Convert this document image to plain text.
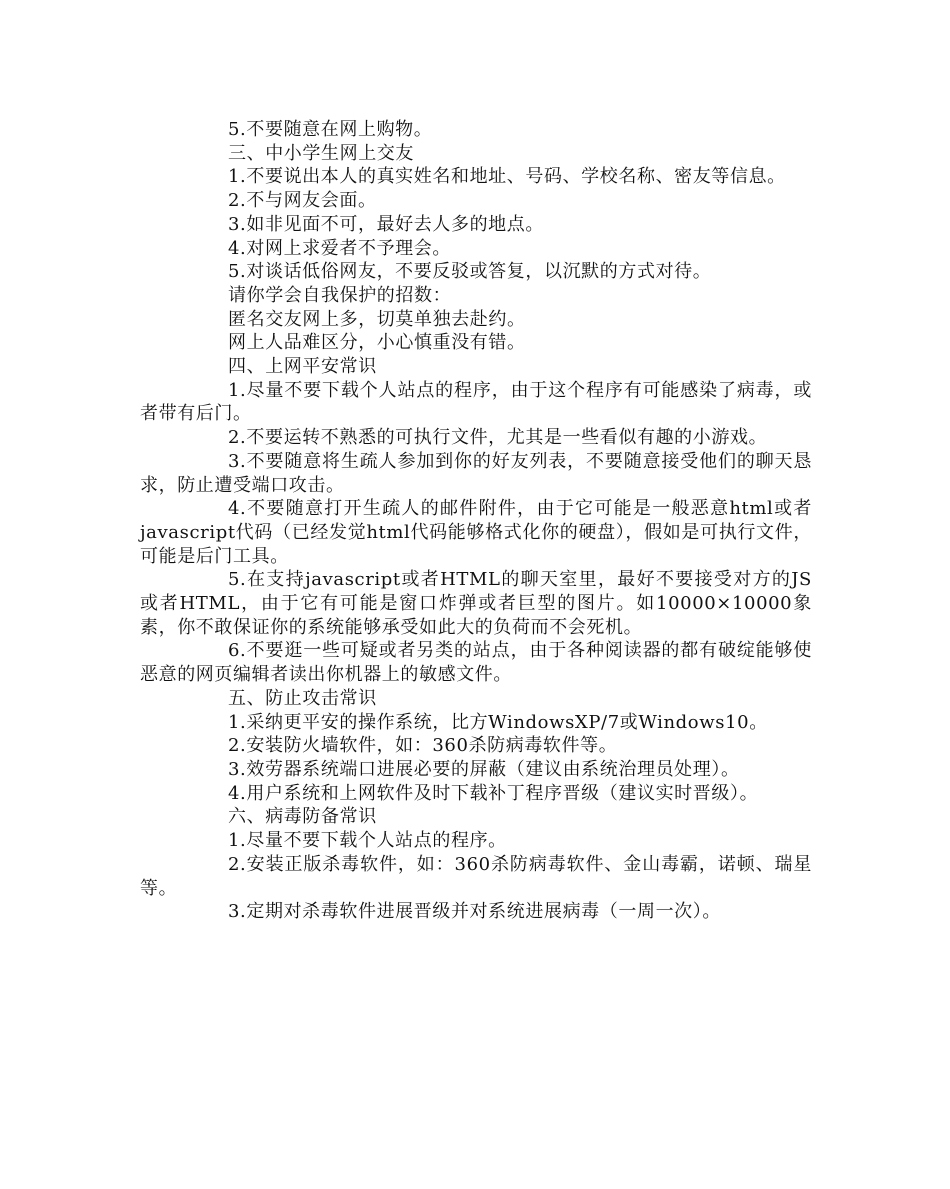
5.不要随意在网上购物。

三、中小学生网上交友

1.不要说出本人的真实姓名和地址、号码、学校名称、密友等信息。

2.不与网友会面。

3.如非见面不可，最好去人多的地点。

4.对网上求爱者不予理会。

5.对谈话低俗网友，不要反驳或答复，以沉默的方式对待。

请你学会自我保护的招数：

匿名交友网上多，切莫单独去赴约。

网上人品难区分，小心慎重没有错。

四、上网平安常识

1.尽量不要下载个人站点的程序，由于这个程序有可能感染了病毒，或者带有后门。

2.不要运转不熟悉的可执行文件，尤其是一些看似有趣的小游戏。

3.不要随意将生疏人参加到你的好友列表，不要随意接受他们的聊天恳求，防止遭受端口攻击。

4.不要随意打开生疏人的邮件附件，由于它可能是一般恶意html或者javascript代码（已经发觉html代码能够格式化你的硬盘），假如是可执行文件，可能是后门工具。

5.在支持javascript或者HTML的聊天室里，最好不要接受对方的JS或者HTML，由于它有可能是窗口炸弹或者巨型的图片。如10000×10000象素，你不敢保证你的系统能够承受如此大的负荷而不会死机。

6.不要逛一些可疑或者另类的站点，由于各种阅读器的都有破绽能够使恶意的网页编辑者读出你机器上的敏感文件。

五、防止攻击常识

1.采纳更平安的操作系统，比方WindowsXP/7或Windows10。

2.安装防火墙软件，如：360杀防病毒软件等。

3.效劳器系统端口进展必要的屏蔽（建议由系统治理员处理）。

4.用户系统和上网软件及时下载补丁程序晋级（建议实时晋级）。

六、病毒防备常识

1.尽量不要下载个人站点的程序。

2.安装正版杀毒软件，如：360杀防病毒软件、金山毒霸，诺顿、瑞星等。

3.定期对杀毒软件进展晋级并对系统进展病毒（一周一次）。
